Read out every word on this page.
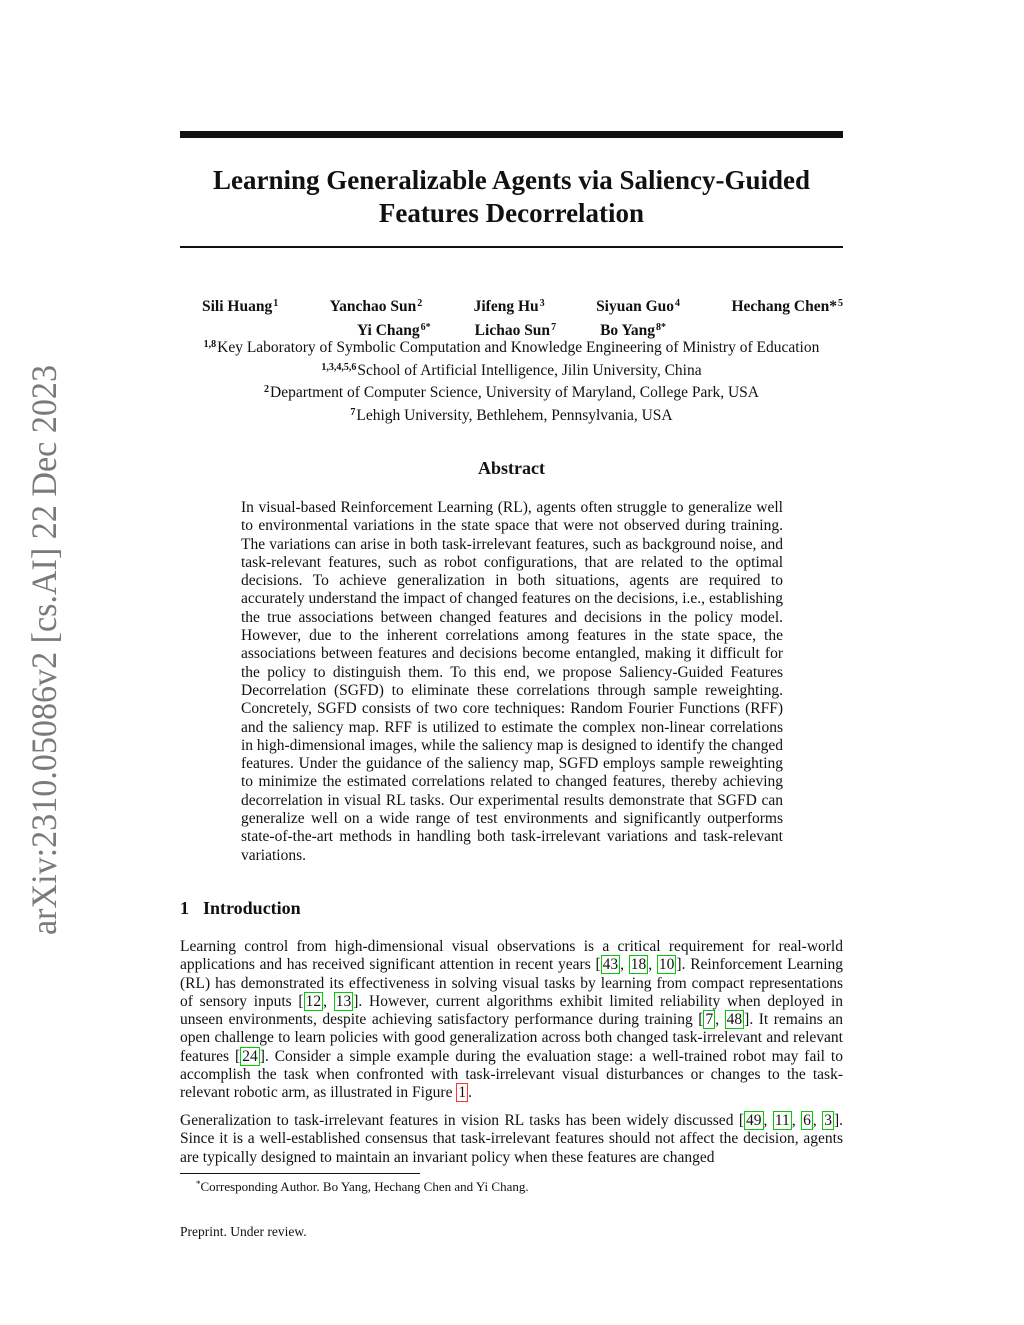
arXiv:2310.05086v2 [cs.AI] 22 Dec 2023
Learning Generalizable Agents via Saliency-Guided Features Decorrelation
Sili Huang$^1$	Yanchao Sun$^2$	Jifeng Hu$^3$	Siyuan Guo$^4$	Hechang Chen*$^5$
Yi Chang$^{6*}$	Lichao Sun$^7$	Bo Yang$^{8*}$
$^{1,8}$Key Laboratory of Symbolic Computation and Knowledge Engineering of Ministry of Education
$^{1,3,4,5,6}$School of Artificial Intelligence, Jilin University, China
$^2$Department of Computer Science, University of Maryland, College Park, USA
$^7$Lehigh University, Bethlehem, Pennsylvania, USA
Abstract

In visual-based Reinforcement Learning (RL), agents often struggle to generalize well to environmental variations in the state space that were not observed during training. The variations can arise in both task-irrelevant features, such as background noise, and task-relevant features, such as robot configurations, that are related to the optimal decisions. To achieve generalization in both situations, agents are required to accurately understand the impact of changed features on the decisions, i.e., establishing the true associations between changed features and decisions in the policy model. However, due to the inherent correlations among features in the state space, the associations between features and decisions become entangled, making it difficult for the policy to distinguish them. To this end, we propose Saliency-Guided Features Decorrelation (SGFD) to eliminate these correlations through sample reweighting. Concretely, SGFD consists of two core techniques: Random Fourier Functions (RFF) and the saliency map. RFF is utilized to estimate the complex non-linear correlations in high-dimensional images, while the saliency map is designed to identify the changed features. Under the guidance of the saliency map, SGFD employs sample reweighting to minimize the estimated correlations related to changed features, thereby achieving decorrelation in visual RL tasks. Our experimental results demonstrate that SGFD can generalize well on a wide range of test environments and significantly outperforms state-of-the-art methods in handling both task-irrelevant variations and task-relevant variations.

1 Introduction

Learning control from high-dimensional visual observations is a critical requirement for real-world applications and has received significant attention in recent years [ 43 , 18 , 10 ]. Reinforcement Learning (RL) has demonstrated its effectiveness in solving visual tasks by learning from compact representations of sensory inputs [ 12 , 13 ]. However, current algorithms exhibit limited reliability when deployed in unseen environments, despite achieving satisfactory performance during training [ 7 , 48 ]. It remains an open challenge to learn policies with good generalization across both changed task-irrelevant and relevant features [ 24 ]. Consider a simple example during the evaluation stage: a well-trained robot may fail to accomplish the task when confronted with task-irrelevant visual disturbances or changes to the task-relevant robotic arm, as illustrated in Figure 1 .

Generalization to task-irrelevant features in vision RL tasks has been widely discussed [ 49 , 11 , 6 , 3 ]. Since it is a well-established consensus that task-irrelevant features should not affect the decision, agents are typically designed to maintain an invariant policy when these features are changed

*Corresponding Author. Bo Yang, Hechang Chen and Yi Chang.

Preprint. Under review.
